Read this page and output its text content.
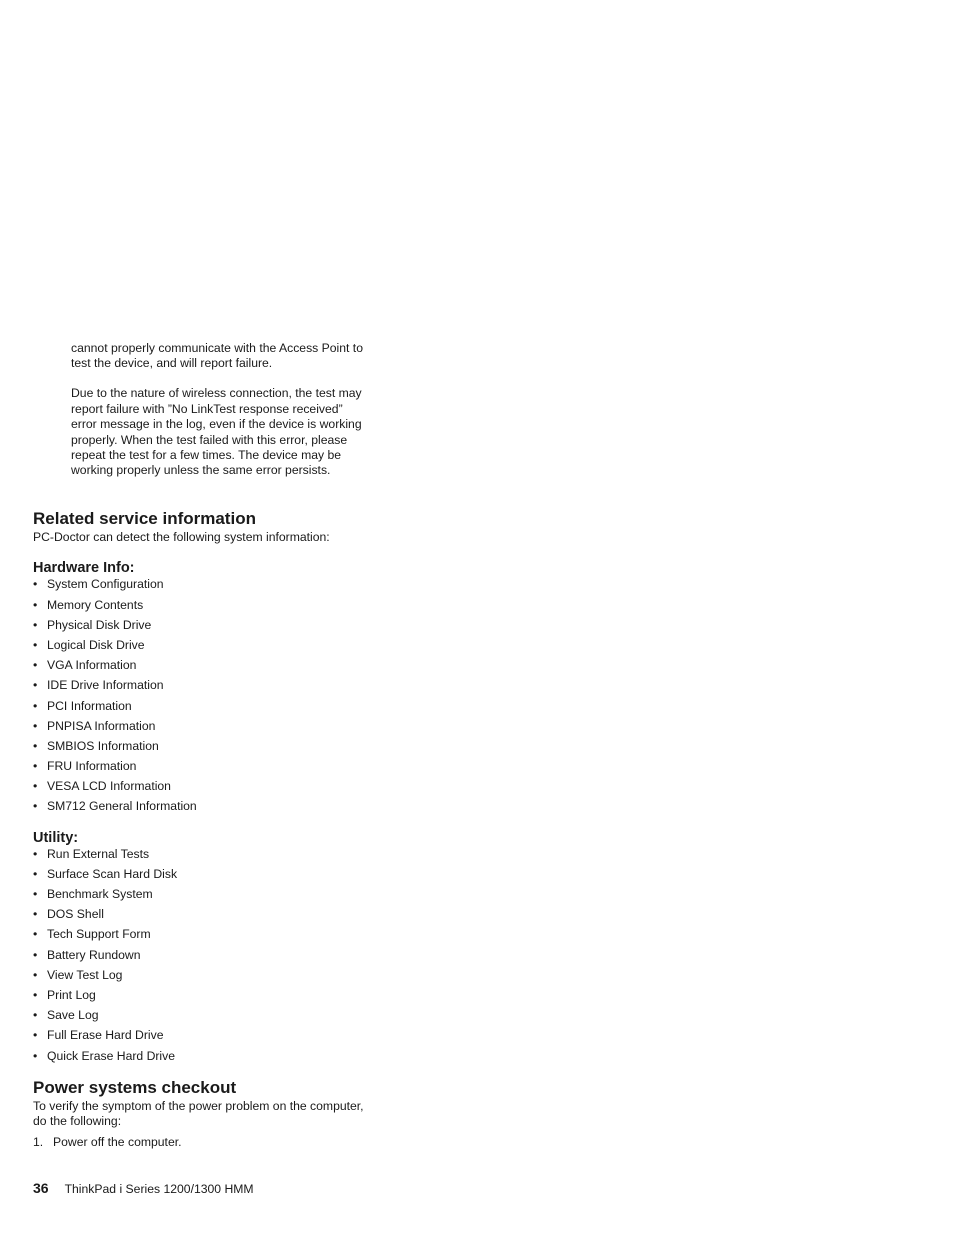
cannot properly communicate with the Access Point to test the device, and will report failure.

Due to the nature of wireless connection, the test may report failure with ”No LinkTest response received” error message in the log, even if the device is working properly. When the test failed with this error, please repeat the test for a few times. The device may be working properly unless the same error persists.

Related service information

PC-Doctor can detect the following system information:

Hardware Info:
• System Configuration
• Memory Contents
• Physical Disk Drive
• Logical Disk Drive
• VGA Information
• IDE Drive Information
• PCI Information
• PNPISA Information
• SMBIOS Information
• FRU Information
• VESA LCD Information
• SM712 General Information
Utility:
• Run External Tests
• Surface Scan Hard Disk
• Benchmark System
• DOS Shell
• Tech Support Form
• Battery Rundown
• View Test Log
• Print Log
• Save Log
• Full Erase Hard Drive
• Quick Erase Hard Drive
Power systems checkout

To verify the symptom of the power problem on the computer, do the following:

1. Power off the computer.
36 ThinkPad i Series 1200/1300 HMM
